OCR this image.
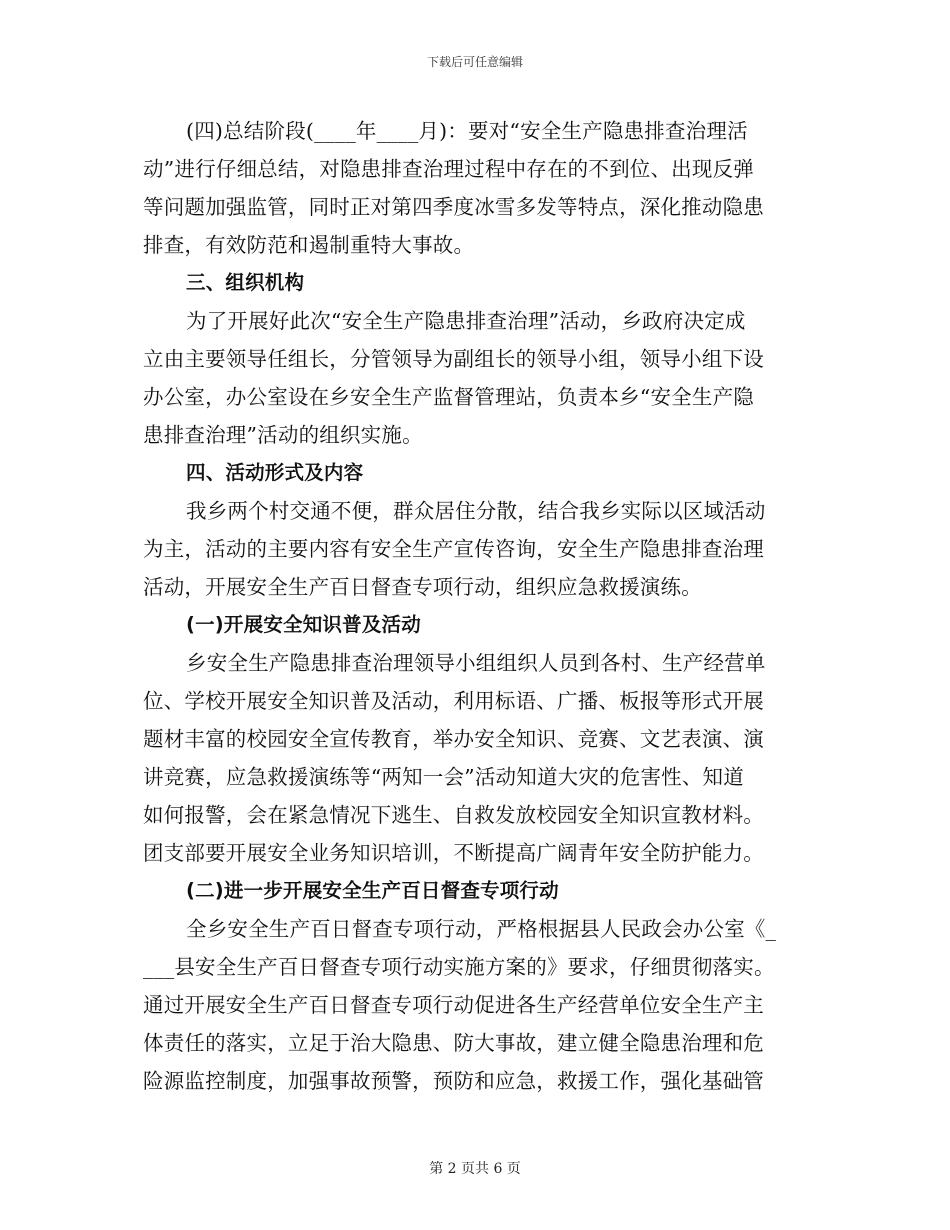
下载后可任意编辑
(四)总结阶段(____年____月)：要对“安全生产隐患排查治理活
动”进行仔细总结，对隐患排查治理过程中存在的不到位、出现反弹
等问题加强监管，同时正对第四季度冰雪多发等特点，深化推动隐患
排查，有效防范和遏制重特大事故。
三、组织机构
为了开展好此次“安全生产隐患排查治理”活动，乡政府决定成
立由主要领导任组长，分管领导为副组长的领导小组，领导小组下设
办公室，办公室设在乡安全生产监督管理站，负责本乡“安全生产隐
患排查治理”活动的组织实施。
四、活动形式及内容
我乡两个村交通不便，群众居住分散，结合我乡实际以区域活动
为主，活动的主要内容有安全生产宣传咨询，安全生产隐患排查治理
活动，开展安全生产百日督查专项行动，组织应急救援演练。
(一)开展安全知识普及活动
乡安全生产隐患排查治理领导小组组织人员到各村、生产经营单
位、学校开展安全知识普及活动，利用标语、广播、板报等形式开展
题材丰富的校园安全宣传教育，举办安全知识、竞赛、文艺表演、演
讲竞赛，应急救援演练等“两知一会”活动知道大灾的危害性、知道
如何报警，会在紧急情况下逃生、自救发放校园安全知识宣教材料。
团支部要开展安全业务知识培训，不断提高广阔青年安全防护能力。
(二)进一步开展安全生产百日督查专项行动
全乡安全生产百日督查专项行动，严格根据县人民政会办公室《_
___县安全生产百日督查专项行动实施方案的》要求，仔细贯彻落实。
通过开展安全生产百日督查专项行动促进各生产经营单位安全生产主
体责任的落实，立足于治大隐患、防大事故，建立健全隐患治理和危
险源监控制度，加强事故预警，预防和应急，救援工作，强化基础管
第 2 页共 6 页
